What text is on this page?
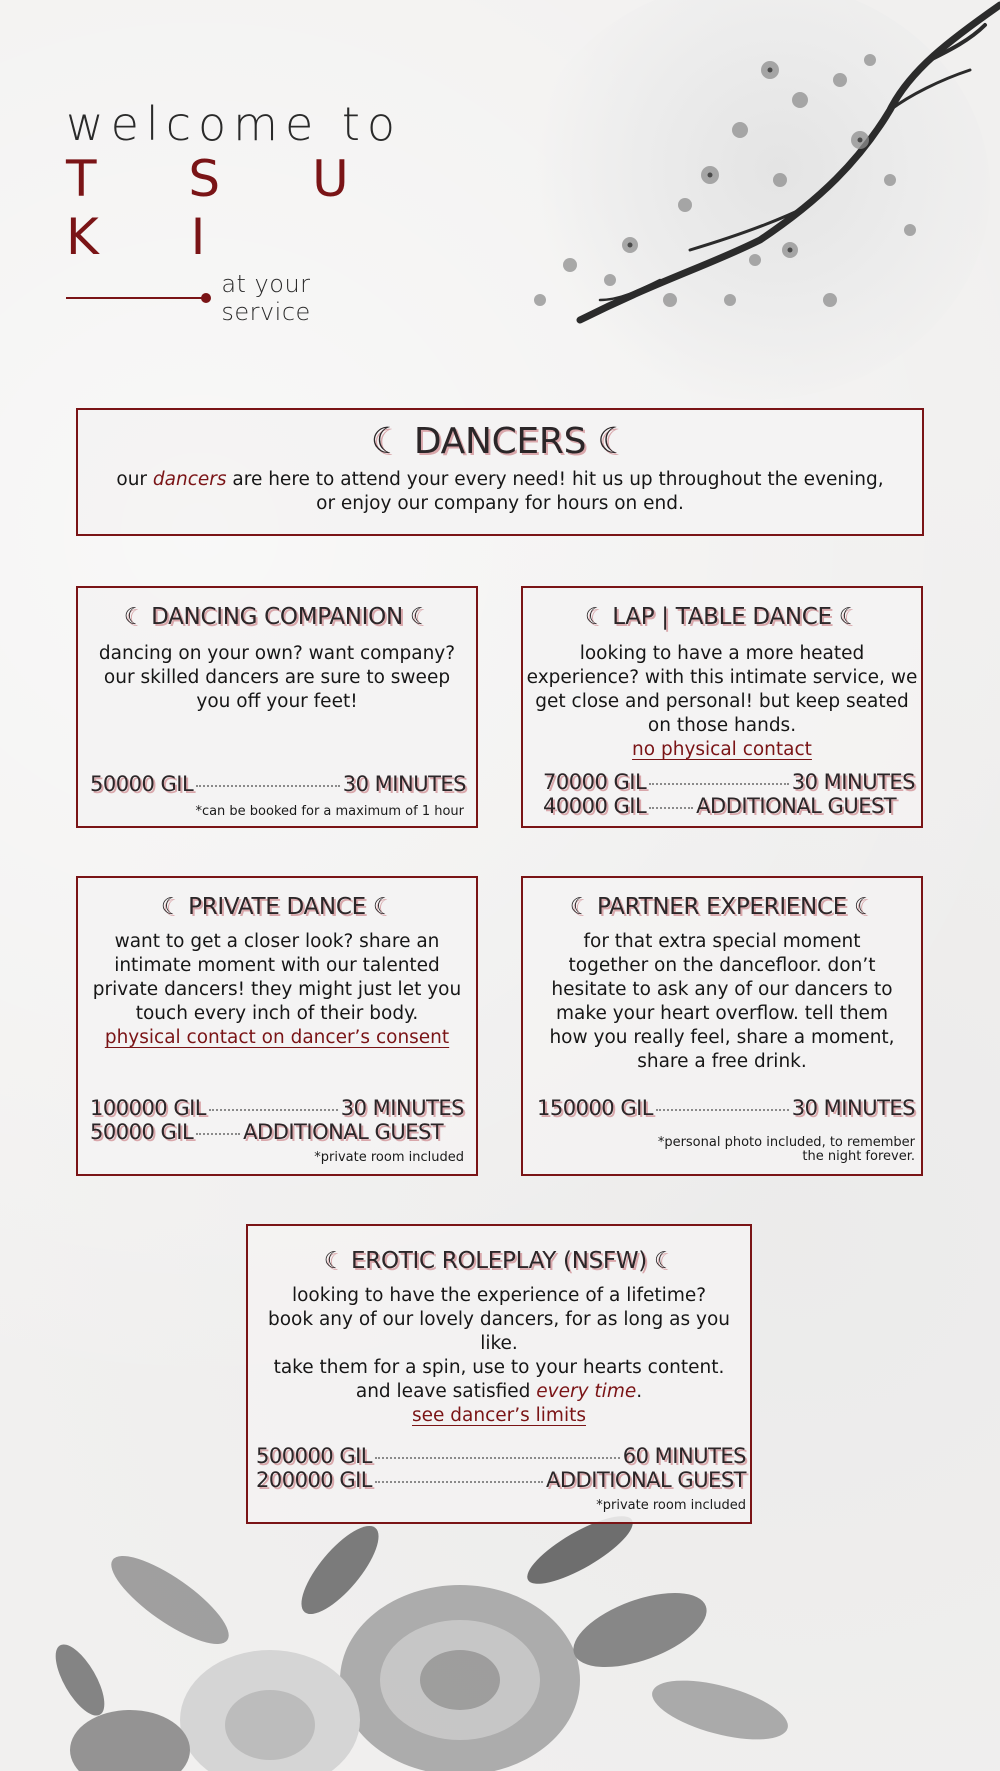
welcome to
T S U K I
at your service
☾ DANCERS ☾
our dancers are here to attend your every need! hit us up throughout the evening, or enjoy our company for hours on end.
☾ DANCING COMPANION ☾
dancing on your own? want company? our skilled dancers are sure to sweep you off your feet!
50000 GIL	30 MINUTES
*can be booked for a maximum of 1 hour
☾ LAP | TABLE DANCE ☾
looking to have a more heated experience? with this intimate service, we get close and personal! but keep seated on those hands.
no physical contact
70000 GIL	30 MINUTES
40000 GIL ADDITIONAL GUEST
☾ PRIVATE DANCE ☾
want to get a closer look? share an intimate moment with our talented private dancers! they might just let you touch every inch of their body.
physical contact on dancer’s consent
100000 GIL	30 MINUTES
50000 GIL ADDITIONAL GUEST
*private room included
☾ PARTNER EXPERIENCE ☾
for that extra special moment together on the dancefloor. don’t hesitate to ask any of our dancers to make your heart overflow. tell them how you really feel, share a moment, share a free drink.
150000 GIL	30 MINUTES
*personal photo included, to remember
the night forever.
☾ EROTIC ROLEPLAY (NSFW) ☾
looking to have the experience of a lifetime?
book any of our lovely dancers, for as long as you like.
take them for a spin, use to your hearts content.
and leave satisfied every time.
see dancer’s limits
500000 GIL	60 MINUTES
200000 GIL	ADDITIONAL GUEST
*private room included
